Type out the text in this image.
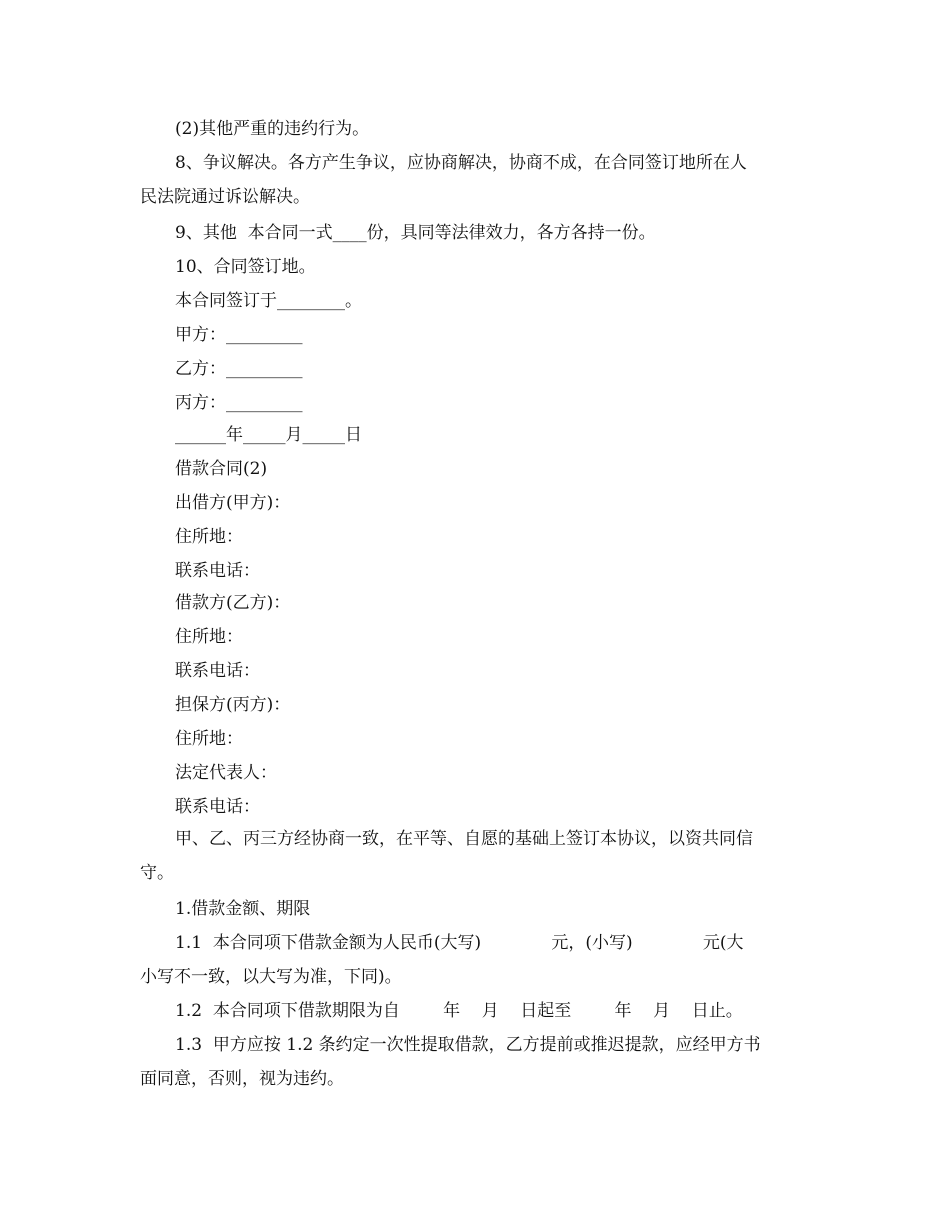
(2)其他严重的违约行为。
8、争议解决。各方产生争议，应协商解决，协商不成，在合同签订地所在人
民法院通过诉讼解决。
9、其他  本合同一式____份，具同等法律效力，各方各持一份。
10、合同签订地。
本合同签订于________。
甲方：_________
乙方：_________
丙方：_________
______年_____月_____日
借款合同(2)
出借方(甲方)：
住所地：
联系电话：
借款方(乙方)：
住所地：
联系电话：
担保方(丙方)：
住所地：
法定代表人：
联系电话：
甲、乙、丙三方经协商一致，在平等、自愿的基础上签订本协议，以资共同信
守。
1.借款金额、期限
1.1  本合同项下借款金额为人民币(大写)             元，(小写)             元(大
小写不一致，以大写为准，下同)。
1.2  本合同项下借款期限为自        年    月    日起至        年    月    日止。
1.3  甲方应按 1.2 条约定一次性提取借款，乙方提前或推迟提款，应经甲方书
面同意，否则，视为违约。
